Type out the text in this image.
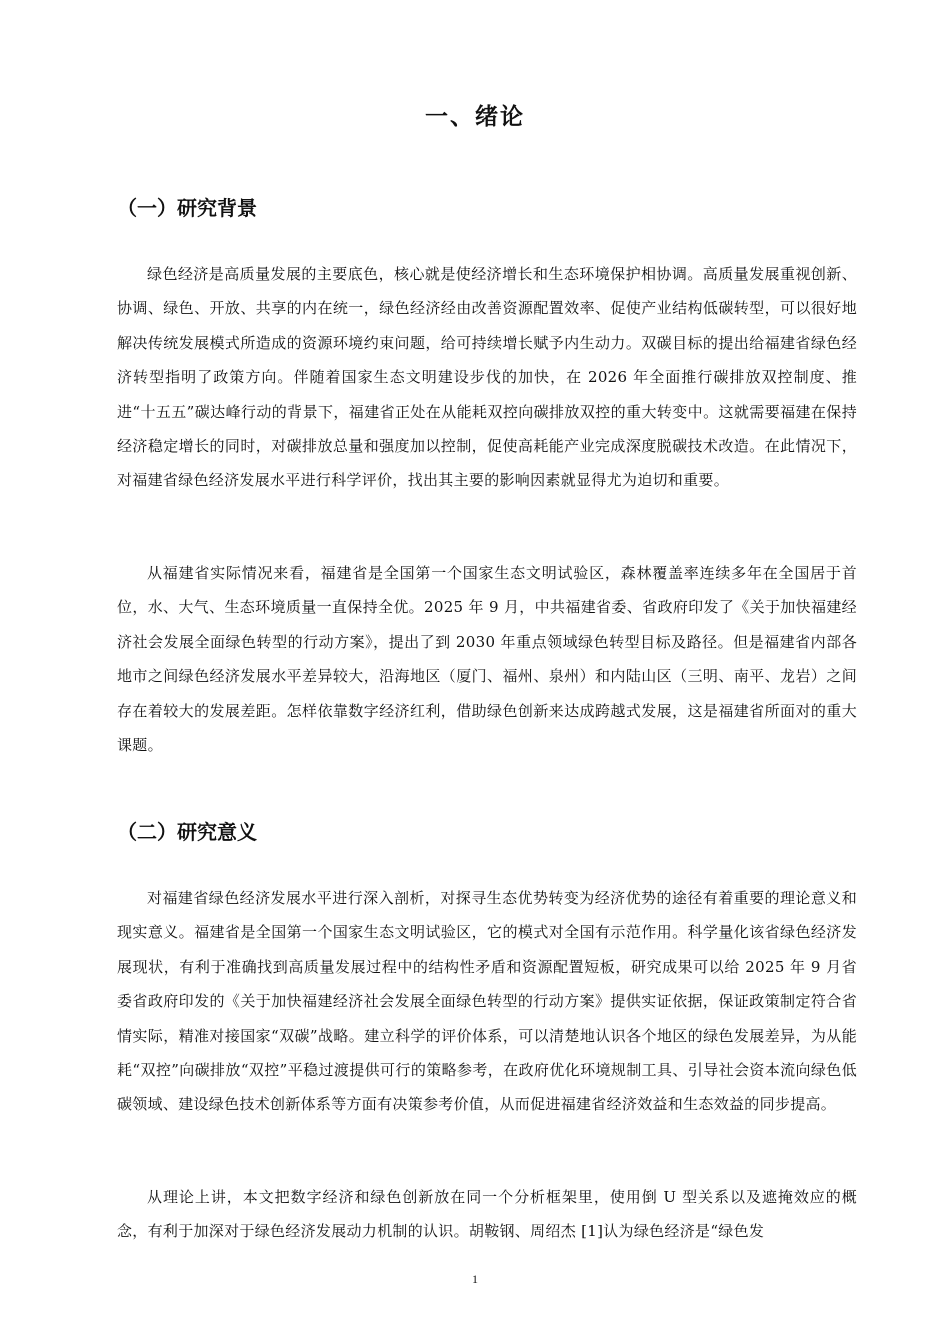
一、绪论
（一）研究背景

绿色经济是高质量发展的主要底色，核心就是使经济增长和生态环境保护相协调。高质量发展重视创新、协调、绿色、开放、共享的内在统一，绿色经济经由改善资源配置效率、促使产业结构低碳转型，可以很好地解决传统发展模式所造成的资源环境约束问题，给可持续增长赋予内生动力。双碳目标的提出给福建省绿色经济转型指明了政策方向。伴随着国家生态文明建设步伐的加快，在 2026 年全面推行碳排放双控制度、推进“十五五”碳达峰行动的背景下，福建省正处在从能耗双控向碳排放双控的重大转变中。这就需要福建在保持经济稳定增长的同时，对碳排放总量和强度加以控制，促使高耗能产业完成深度脱碳技术改造。在此情况下，对福建省绿色经济发展水平进行科学评价，找出其主要的影响因素就显得尤为迫切和重要。

从福建省实际情况来看，福建省是全国第一个国家生态文明试验区，森林覆盖率连续多年在全国居于首位，水、大气、生态环境质量一直保持全优。2025 年 9 月，中共福建省委、省政府印发了《关于加快福建经济社会发展全面绿色转型的行动方案》，提出了到 2030 年重点领域绿色转型目标及路径。但是福建省内部各地市之间绿色经济发展水平差异较大，沿海地区（厦门、福州、泉州）和内陆山区（三明、南平、龙岩）之间存在着较大的发展差距。怎样依靠数字经济红利，借助绿色创新来达成跨越式发展，这是福建省所面对的重大课题。

（二）研究意义

对福建省绿色经济发展水平进行深入剖析，对探寻生态优势转变为经济优势的途径有着重要的理论意义和现实意义。福建省是全国第一个国家生态文明试验区，它的模式对全国有示范作用。科学量化该省绿色经济发展现状，有利于准确找到高质量发展过程中的结构性矛盾和资源配置短板，研究成果可以给 2025 年 9 月省委省政府印发的《关于加快福建经济社会发展全面绿色转型的行动方案》提供实证依据，保证政策制定符合省情实际，精准对接国家“双碳”战略。建立科学的评价体系，可以清楚地认识各个地区的绿色发展差异，为从能耗“双控”向碳排放“双控”平稳过渡提供可行的策略参考，在政府优化环境规制工具、引导社会资本流向绿色低碳领域、建设绿色技术创新体系等方面有决策参考价值，从而促进福建省经济效益和生态效益的同步提高。

从理论上讲，本文把数字经济和绿色创新放在同一个分析框架里，使用倒 U 型关系以及遮掩效应的概念，有利于加深对于绿色经济发展动力机制的认识。胡鞍钢、周绍杰 [1]认为绿色经济是“绿色发

1
